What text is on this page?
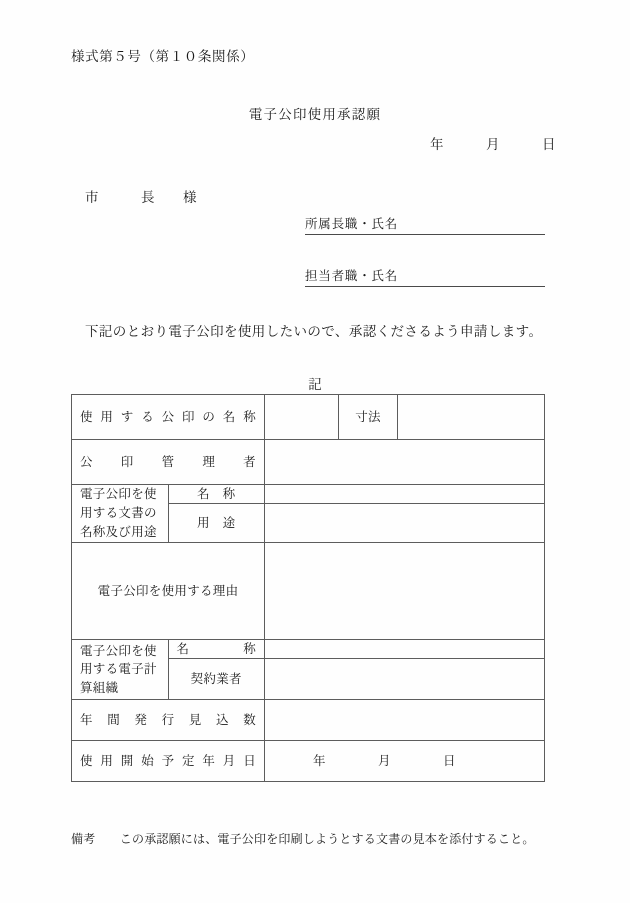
様式第５号（第１０条関係）
電子公印使用承認願
年　　　月　　　日
市　　　長　　様
所属長職・氏名
担当者職・氏名
下記のとおり電子公印を使用したいので、承認くださるよう申請します。
記
使用する公印の名称			寸法	

公印管理者				

電子公印を使用する文書の名称及び用途	名　称			
	用　途			

電子公印を使用する理由				

電子公印を使用する電子計算組織	名　　称			

	契約業者			

年間発行見込数				

使用開始予定年月日		年　　　　月　　　　日		
備考　　この承認願には、電子公印を印刷しようとする文書の見本を添付すること。
